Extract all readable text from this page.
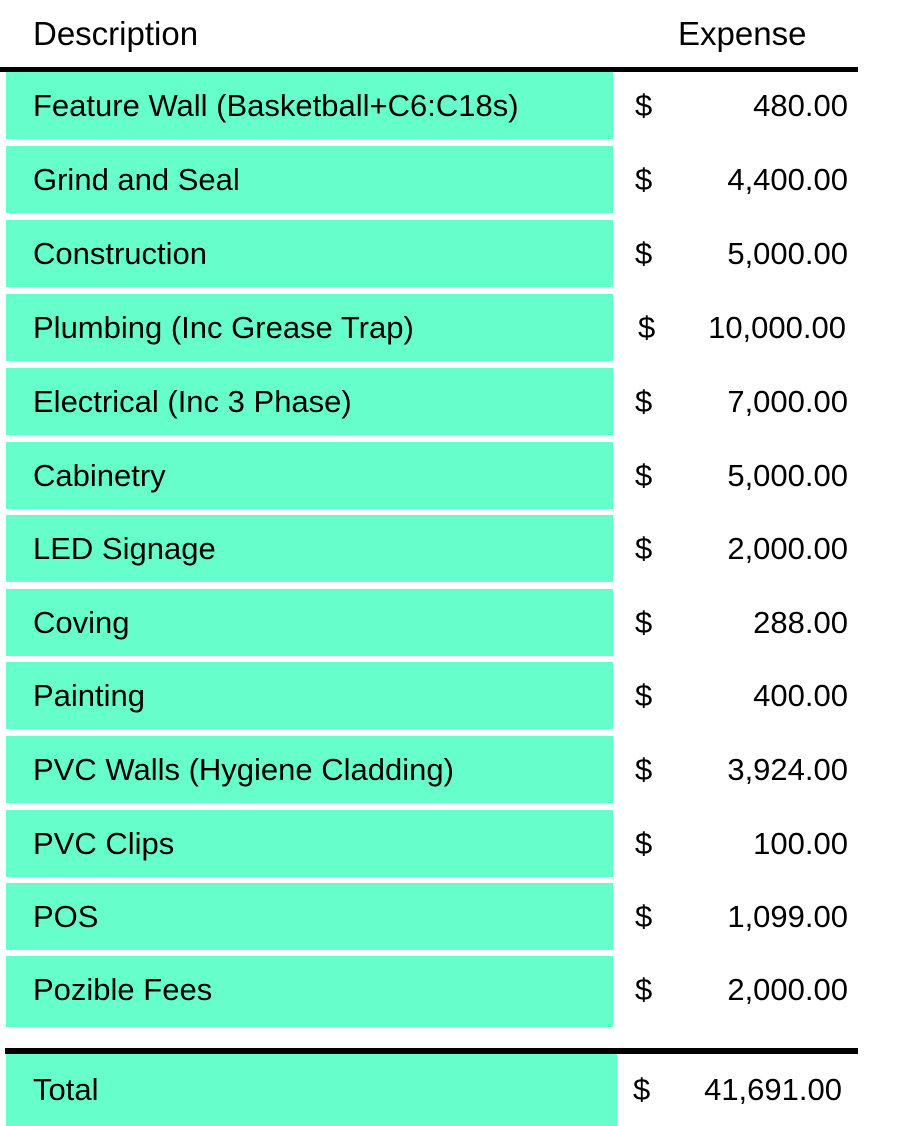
Description	Expense
Feature Wall (Basketball+C6:C18s)	$	480.00
Grind and Seal	$ 4,400.00
Construction	$ 5,000.00
Plumbing (Inc Grease Trap)	$ 10,000.00
Electrical (Inc 3 Phase)	$ 7,000.00
Cabinetry	$ 5,000.00
LED Signage	$ 2,000.00
Coving	$	288.00
Painting	$	400.00
PVC Walls (Hygiene Cladding)	$ 3,924.00
PVC Clips	$	100.00
POS	$ 1,099.00
Pozible Fees	$ 2,000.00
Total	$ 41,691.00
